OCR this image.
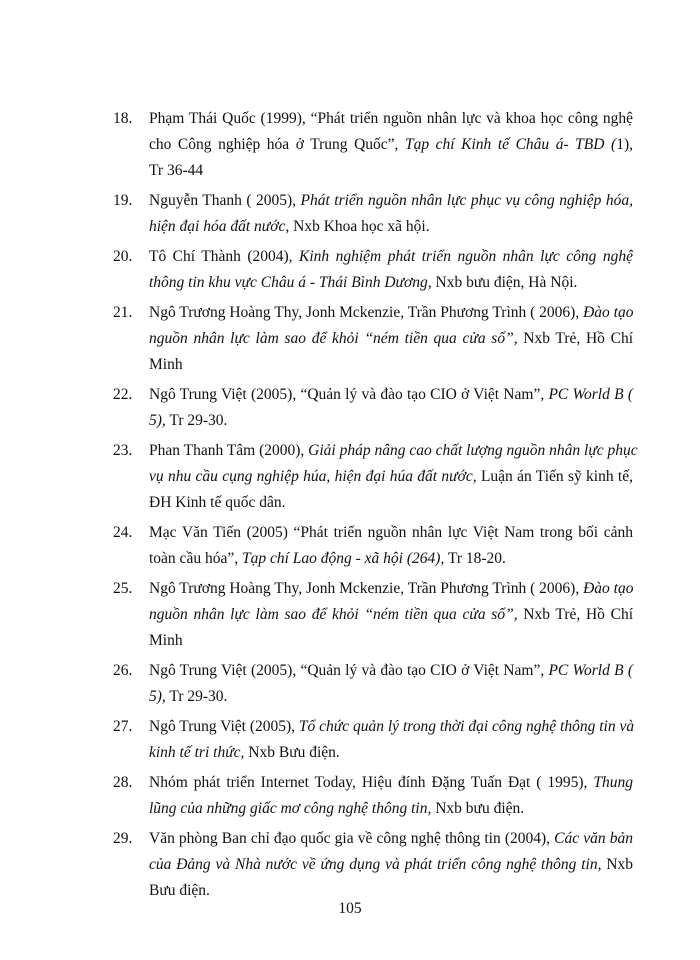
18. Phạm Thái Quốc (1999), “Phát triển nguồn nhân lực và khoa học công nghệ
cho Công nghiệp hóa ở Trung Quốc”, Tạp chí Kinh tế Châu á- TBD (1),
Tr 36-44
19. Nguyễn Thanh ( 2005), Phát triển nguồn nhân lực phục vụ công nghiệp hóa,
hiện đại hóa đất nước, Nxb Khoa học xã hội.
20. Tô Chí Thành (2004), Kinh nghiệm phát triển nguồn nhân lực công nghệ
thông tin khu vực Châu á - Thái Bình Dương, Nxb bưu điện, Hà Nội.
21. Ngô Trương Hoàng Thy, Jonh Mckenzie, Trần Phương Trình ( 2006), Đào tạo
nguồn nhân lực làm sao để khỏi “ném tiền qua cửa sổ”, Nxb Trẻ, Hồ Chí
Minh
22. Ngô Trung Việt (2005), “Quản lý và đào tạo CIO ở Việt Nam”, PC World B (
5), Tr 29-30.
23. Phan Thanh Tâm (2000), Giải pháp nâng cao chất lượng nguồn nhân lực phục
vụ nhu cầu cụng nghiệp húa, hiện đại húa đất nước, Luận án Tiến sỹ kinh tế,
ĐH Kinh tế quốc dân.
24. Mạc Văn Tiến (2005) “Phát triển nguồn nhân lực Việt Nam trong bối cảnh
toàn cầu hóa”, Tạp chí Lao động - xã hội (264), Tr 18-20.
25. Ngô Trương Hoàng Thy, Jonh Mckenzie, Trần Phương Trình ( 2006), Đào tạo
nguồn nhân lực làm sao để khỏi “ném tiền qua cửa sổ”, Nxb Trẻ, Hồ Chí
Minh
26. Ngô Trung Việt (2005), “Quản lý và đào tạo CIO ở Việt Nam”, PC World B (
5), Tr 29-30.
27. Ngô Trung Việt (2005), Tổ chức quản lý trong thời đại công nghệ thông tin và
kinh tế tri thức, Nxb Bưu điện.
28. Nhóm phát triển Internet Today, Hiệu đính Đặng Tuấn Đạt ( 1995), Thung
lũng của những giấc mơ công nghệ thông tin, Nxb bưu điện.
29. Văn phòng Ban chỉ đạo quốc gia về công nghệ thông tin (2004), Các văn bản
của Đảng và Nhà nước về ứng dụng và phát triển công nghệ thông tin, Nxb
Bưu điện.
105
